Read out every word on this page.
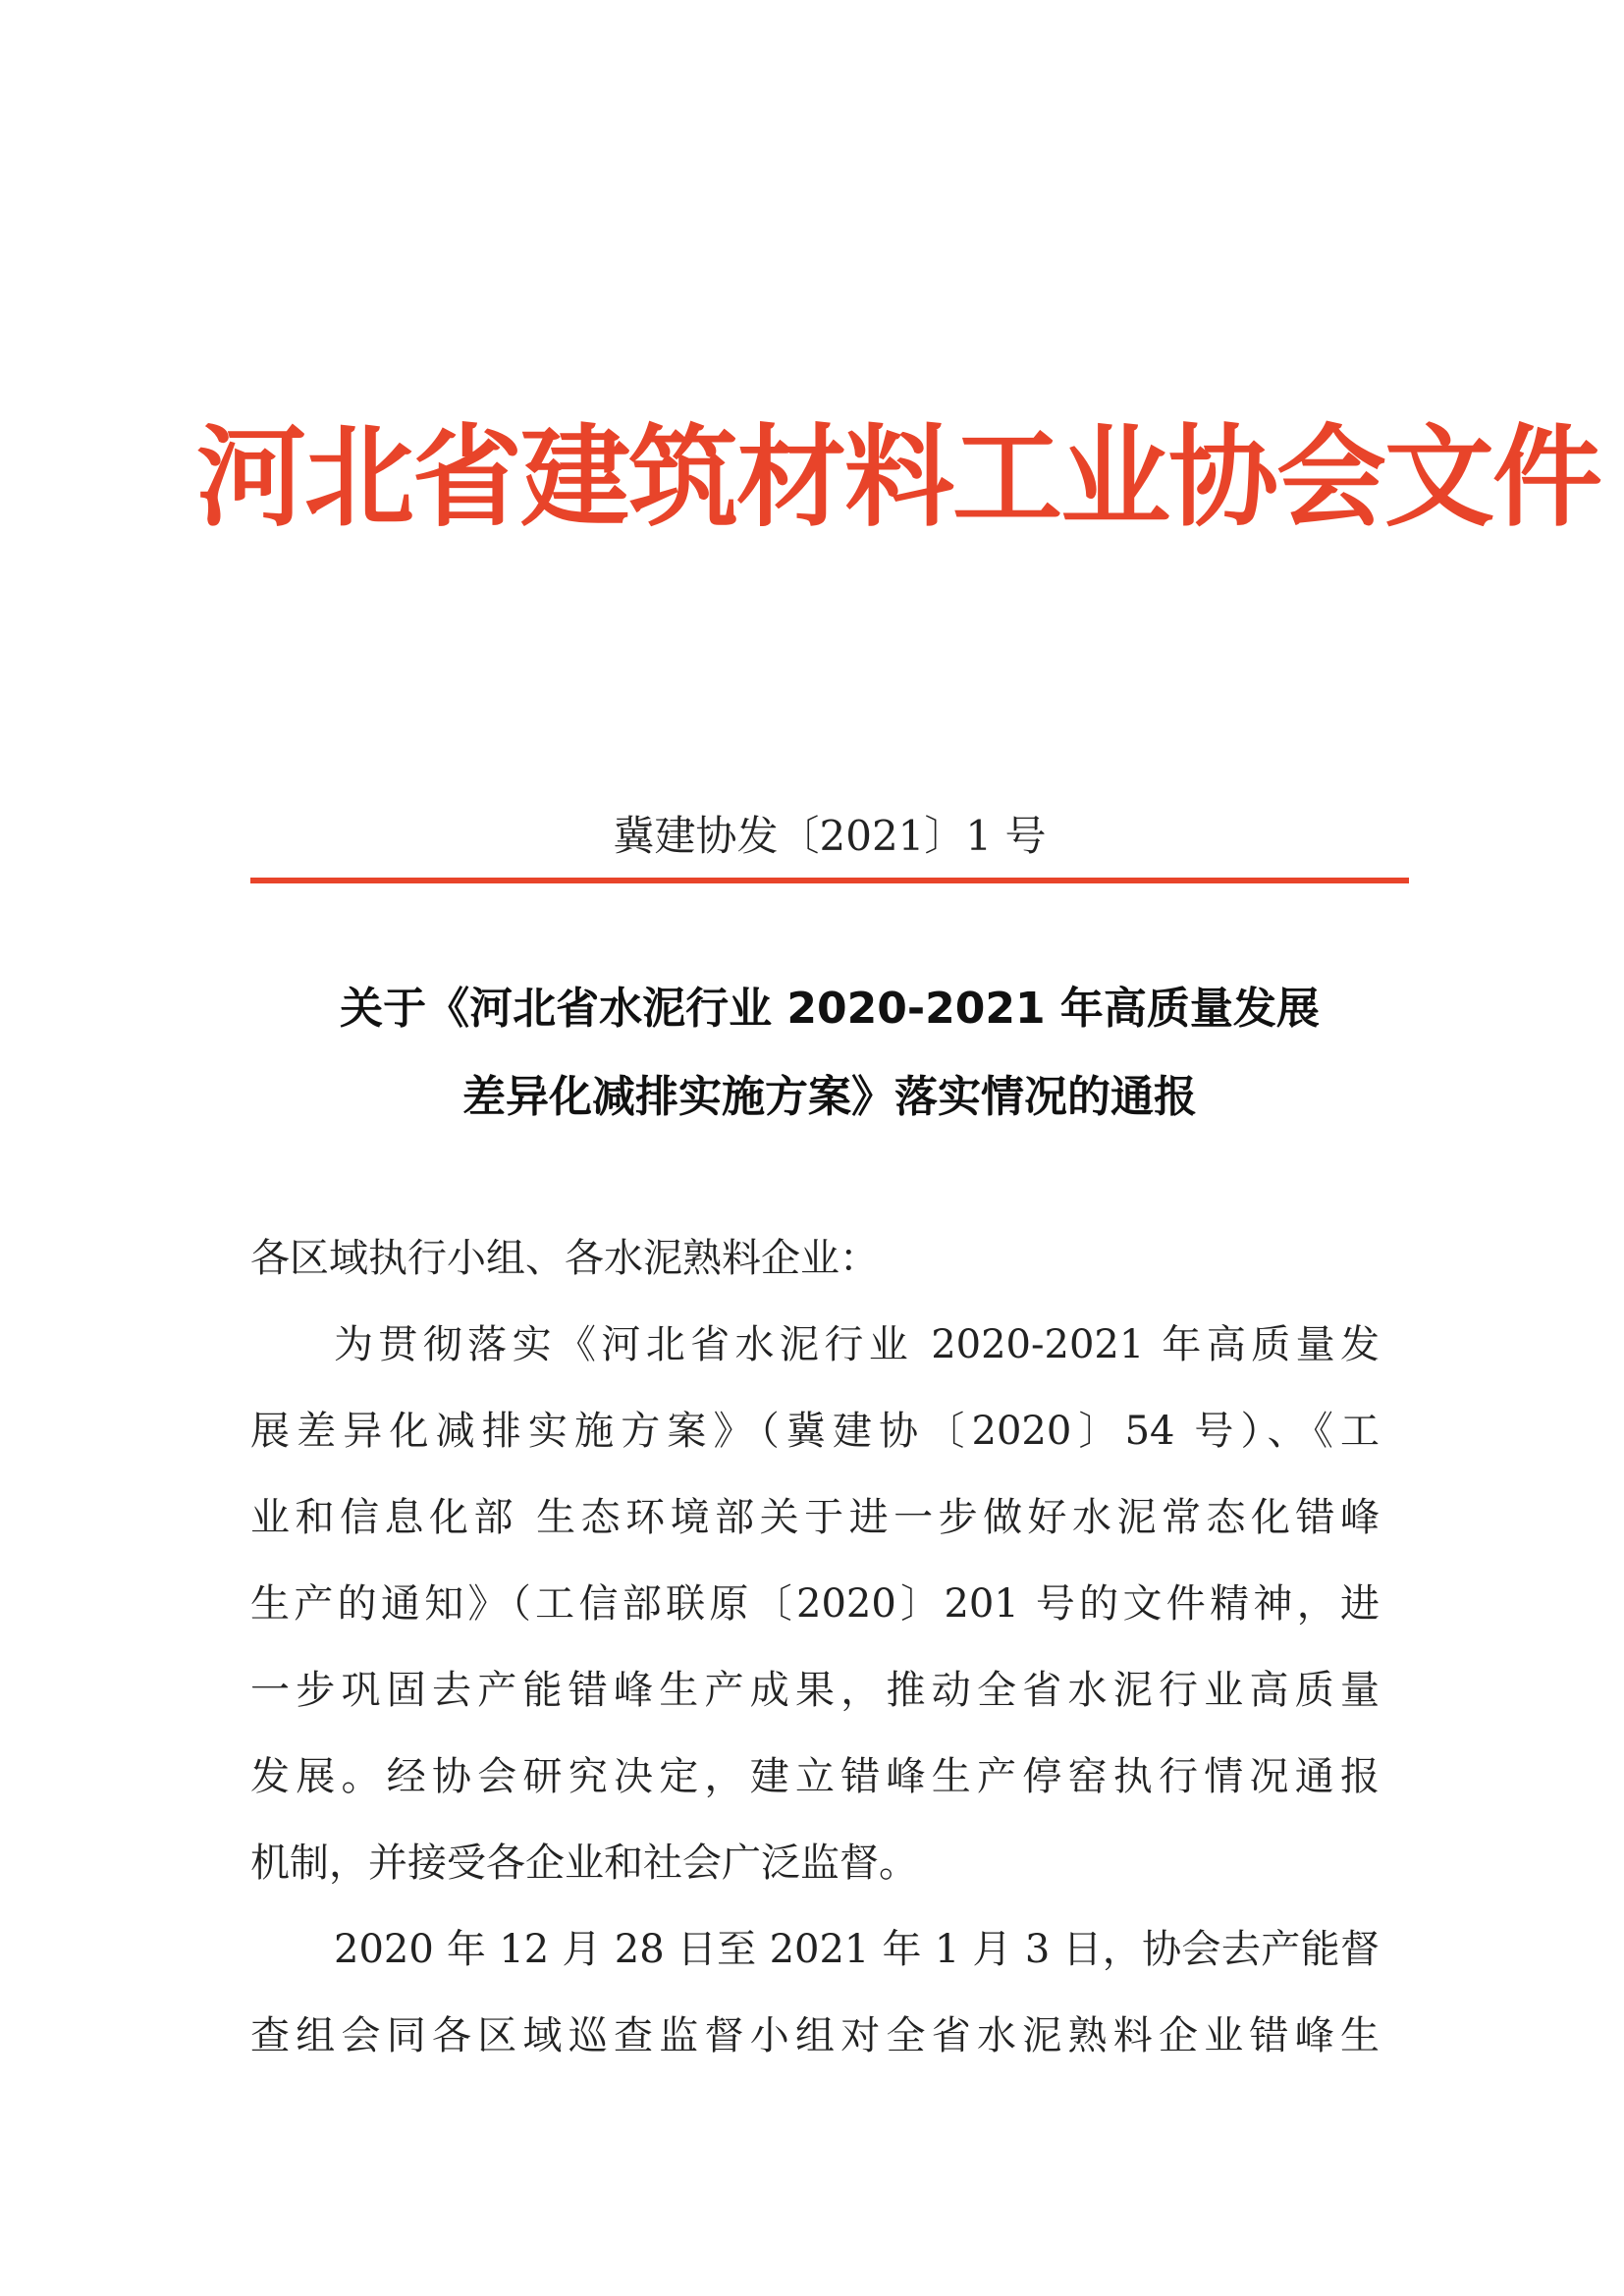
河北省建筑材料工业协会文件
冀建协发〔2021〕1 号
关于《河北省水泥行业 2020-2021 年高质量发展
差异化减排实施方案》落实情况的通报
各区域执行小组、各水泥熟料企业：
为贯彻落实《河北省水泥行业 2020-2021 年高质量发
展差异化减排实施方案》（冀建协〔2020〕54 号）、《工
业和信息化部 生态环境部关于进一步做好水泥常态化错峰
生产的通知》（工信部联原〔2020〕201 号的文件精神，进
一步巩固去产能错峰生产成果，推动全省水泥行业高质量
发展。经协会研究决定，建立错峰生产停窑执行情况通报
机制，并接受各企业和社会广泛监督。
2020 年 12 月 28 日至 2021 年 1 月 3 日，协会去产能督
查组会同各区域巡查监督小组对全省水泥熟料企业错峰生
